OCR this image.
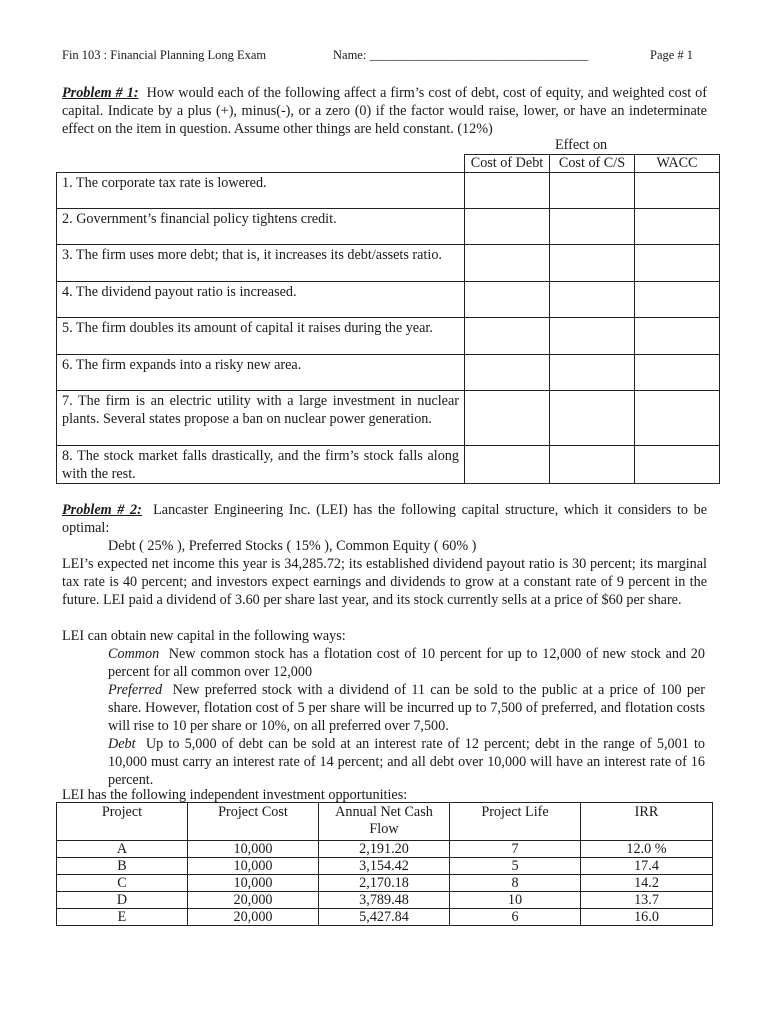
Fin 103 : Financial Planning Long Exam	Name: ___________________________________	Page # 1
Problem # 1: How would each of the following affect a firm’s cost of debt, cost of equity, and weighted cost of capital. Indicate by a plus (+), minus(-), or a zero (0) if the factor would raise, lower, or have an indeterminate effect on the item in question. Assume other things are held constant. (12%)
Effect on
	Cost of Debt	Cost of C/S	WACC
1. The corporate tax rate is lowered.			
2. Government’s financial policy tightens credit.			
3. The firm uses more debt; that is, it increases its debt/assets ratio.			
4. The dividend payout ratio is increased.			
5. The firm doubles its amount of capital it raises during the year.			
6. The firm expands into a risky new area.			
7. The firm is an electric utility with a large investment in nuclear plants. Several states propose a ban on nuclear power generation.			
8. The stock market falls drastically, and the firm’s stock falls along with the rest.			
Problem # 2: Lancaster Engineering Inc. (LEI) has the following capital structure, which it considers to be optimal:
Debt ( 25% ), Preferred Stocks ( 15% ), Common Equity ( 60% )
LEI’s expected net income this year is 34,285.72; its established dividend payout ratio is 30 percent; its marginal tax rate is 40 percent; and investors expect earnings and dividends to grow at a constant rate of 9 percent in the future. LEI paid a dividend of 3.60 per share last year, and its stock currently sells at a price of $60 per share.
LEI can obtain new capital in the following ways:
Common New common stock has a flotation cost of 10 percent for up to 12,000 of new stock and 20 percent for all common over 12,000
Preferred New preferred stock with a dividend of 11 can be sold to the public at a price of 100 per share. However, flotation cost of 5 per share will be incurred up to 7,500 of preferred, and flotation costs will rise to 10 per share or 10%, on all preferred over 7,500.
Debt Up to 5,000 of debt can be sold at an interest rate of 12 percent; debt in the range of 5,001 to 10,000 must carry an interest rate of 14 percent; and all debt over 10,000 will have an interest rate of 16 percent.
LEI has the following independent investment opportunities:
Project	Project Cost	Annual Net Cash Flow	Project Life	IRR
A	10,000	2,191.20	7	12.0 %
B	10,000	3,154.42	5	17.4
C	10,000	2,170.18	8	14.2
D	20,000	3,789.48	10	13.7
E	20,000	5,427.84	6	16.0
